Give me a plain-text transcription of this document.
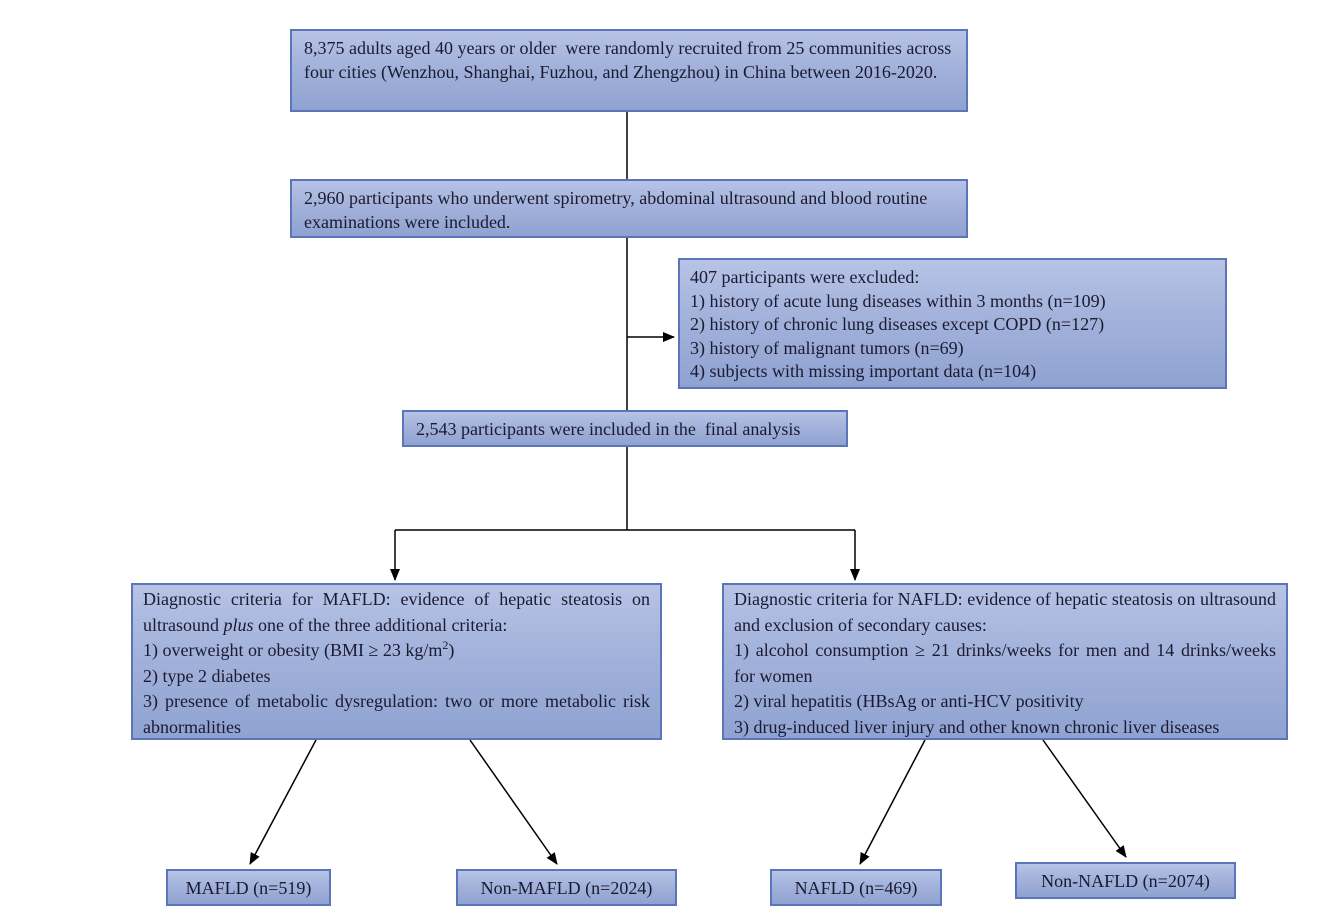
8,375 adults aged 40 years or older  were randomly recruited from 25 communities across four cities (Wenzhou, Shanghai, Fuzhou, and Zhengzhou) in China between 2016-2020.

2,960 participants who underwent spirometry, abdominal ultrasound and blood routine examinations were included.

407 participants were excluded:

1) history of acute lung diseases within 3 months (n=109)

2) history of chronic lung diseases except COPD (n=127)

3) history of malignant tumors (n=69)

4) subjects with missing important data (n=104)

2,543 participants were included in the  final analysis

Diagnostic criteria for MAFLD: evidence of hepatic steatosis on ultrasound plus one of the three additional criteria:

1) overweight or obesity (BMI ≥ 23 $kg/m^2$)

2) type 2 diabetes

3) presence of metabolic dysregulation: two or more metabolic risk abnormalities

Diagnostic criteria for NAFLD: evidence of hepatic steatosis on ultrasound and exclusion of secondary causes:

1) alcohol consumption ≥ 21 drinks/weeks for men and 14 drinks/weeks for women

2) viral hepatitis (HBsAg or anti-HCV positivity

3) drug-induced liver injury and other known chronic liver diseases

MAFLD (n=519)	Non-MAFLD (n=2024)	NAFLD (n=469)	Non-NAFLD (n=2074)
